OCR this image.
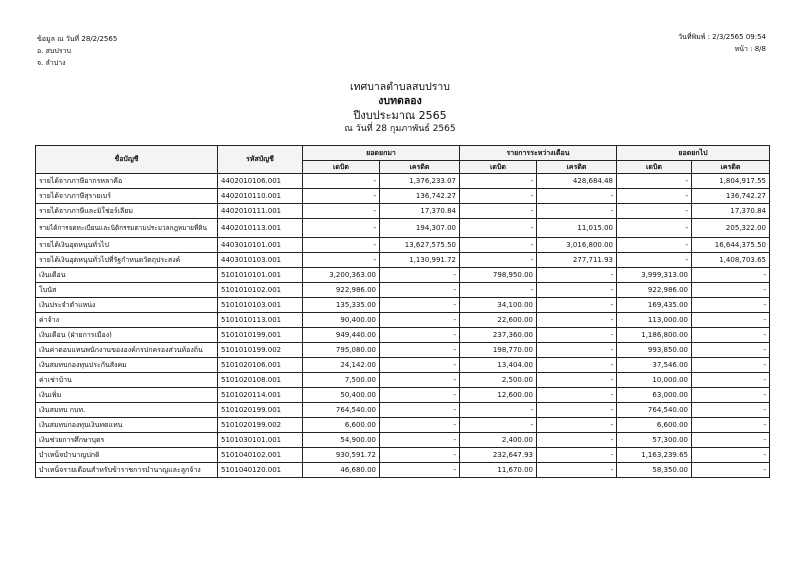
ข้อมูล ณ วันที่ 28/2/2565
อ. สบปราบ
จ. ลำปาง
วันที่พิมพ์ : 2/3/2565 09:54
หน้า : 8/8
เทศบาลตำบลสบปราบ
งบทดลอง
ปีงบประมาณ 2565
ณ วันที่ 28 กุมภาพันธ์ 2565
ชื่อบัญชี	รหัสบัญชี	ยอดยกมา		รายการระหว่างเดือน		ยอดยกไป	
		เดบิต	เครดิต	เดบิต	เครดิต	เดบิต	เครดิต
รายได้จากภาษีอากรหลาคือ	4402010106.001	-	1,376,233.07	-	428,684.48	-	1,804,917.55
รายได้จากภาษีสุรายเบร์	4402010110.001	-	136,742.27	-	-	-	136,742.27
รายได้จากภาษีและมิใช่อร์เลียม	4402010111.001	-	17,370.84	-	-	-	17,370.84

รายได้การจดทะเบียนและนิติกรรมตามประมวลกฎหมายที่ดิน	4402010113.001	-	194,307.00	-	11,015.00	-	205,322.00
รายได้เงินอุดหนุนทั่วไป	4403010101.001	-	13,627,575.50	-	3,016,800.00	-	16,644,375.50
รายได้เงินอุดหนุนทั่วไปที่รัฐกำหนดวัตถุประสงค์	4403010103.001	-	1,130,991.72	-	277,711.93	-	1,408,703.65
เงินเดือน	5101010101.001	3,200,363.00	-	798,950.00	-	3,999,313.00	-
โบนัส	5101010102.001	922,986.00	-	-	-	922,986.00	-
เงินประจำตำแหน่ง	5101010103.001	135,335.00	-	34,100.00	-	169,435.00	-
ค่าจ้าง	5101010113.001	90,400.00	-	22,600.00	-	113,000.00	-
เงินเดือน (ฝ่ายการเมือง)	5101010199.001	949,440.00	-	237,360.00	-	1,186,800.00	-
เงินค่าตอบแทนพนักงานขององค์กรปกครองส่วนท้องถิ่น	5101010199.002	795,080.00	-	198,770.00	-	993,850.00	-
เงินสมทบกองทุนประกันสังคม	5101020106.001	24,142.00	-	13,404.00	-	37,546.00	-
ค่าเช่าบ้าน	5101020108.001	7,500.00	-	2,500.00	-	10,000.00	-
เงินเพิ่ม	5101020114.001	50,400.00	-	12,600.00	-	63,000.00	-
เงินสมทบ กบท.	5101020199.001	764,540.00	-	-	-	764,540.00	-
เงินสมทบกองทุนเงินทดแทน	5101020199.002	6,600.00	-	-	-	6,600.00	-
เงินช่วยการศึกษาบุตร	5101030101.001	54,900.00	-	2,400.00	-	57,300.00	-
บำเหน็จบำนาญปกติ	5101040102.001	930,591.72	-	232,647.93	-	1,163,239.65	-
บำเหน็จรายเดือนสำหรับข้าราชการบำนาญและลูกจ้าง	5101040120.001	46,680.00	-	11,670.00	-	58,350.00	-
